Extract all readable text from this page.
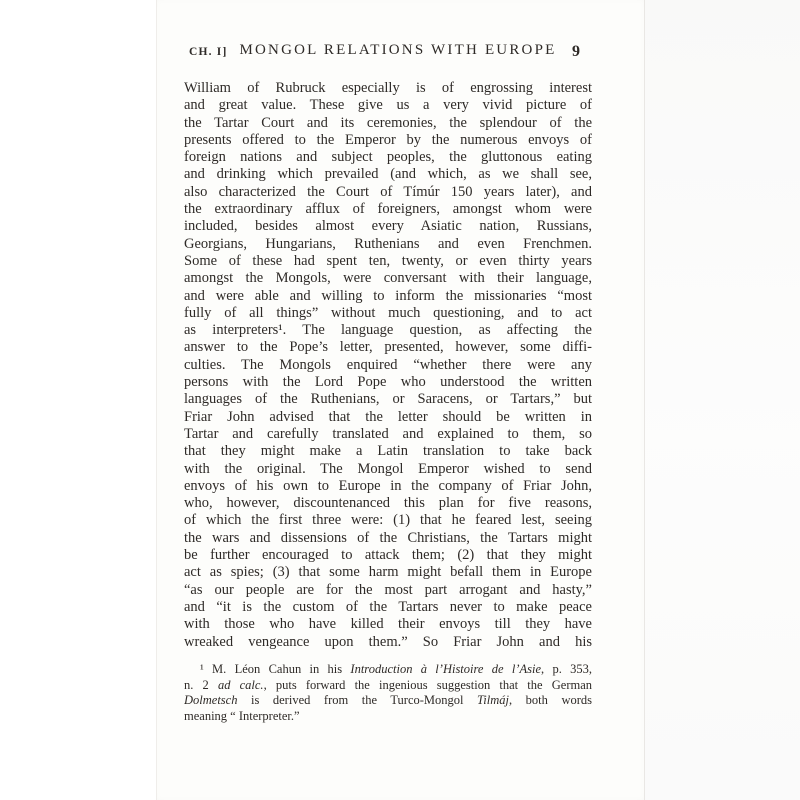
CH. I] MONGOL RELATIONS WITH EUROPE 9
William of Rubruck especially is of engrossing interest
and great value. These give us a very vivid picture of
the Tartar Court and its ceremonies, the splendour of the
presents offered to the Emperor by the numerous envoys of
foreign nations and subject peoples, the gluttonous eating
and drinking which prevailed (and which, as we shall see,
also characterized the Court of Tímúr 150 years later), and
the extraordinary afflux of foreigners, amongst whom were
included, besides almost every Asiatic nation, Russians,
Georgians, Hungarians, Ruthenians and even Frenchmen.
Some of these had spent ten, twenty, or even thirty years
amongst the Mongols, were conversant with their language,
and were able and willing to inform the missionaries “most
fully of all things” without much questioning, and to act
as interpreters¹. The language question, as affecting the
answer to the Pope’s letter, presented, however, some diffi-
culties. The Mongols enquired “whether there were any
persons with the Lord Pope who understood the written
languages of the Ruthenians, or Saracens, or Tartars,” but
Friar John advised that the letter should be written in
Tartar and carefully translated and explained to them, so
that they might make a Latin translation to take back
with the original. The Mongol Emperor wished to send
envoys of his own to Europe in the company of Friar John,
who, however, discountenanced this plan for five reasons,
of which the first three were: (1) that he feared lest, seeing
the wars and dissensions of the Christians, the Tartars might
be further encouraged to attack them; (2) that they might
act as spies; (3) that some harm might befall them in Europe
“as our people are for the most part arrogant and hasty,”
and “it is the custom of the Tartars never to make peace
with those who have killed their envoys till they have
wreaked vengeance upon them.” So Friar John and his
¹ M. Léon Cahun in his Introduction à l’Histoire de l’Asie, p. 353,
n. 2 ad calc., puts forward the ingenious suggestion that the German
Dolmetsch is derived from the Turco-Mongol Tilmáj, both words
meaning “ Interpreter.”
